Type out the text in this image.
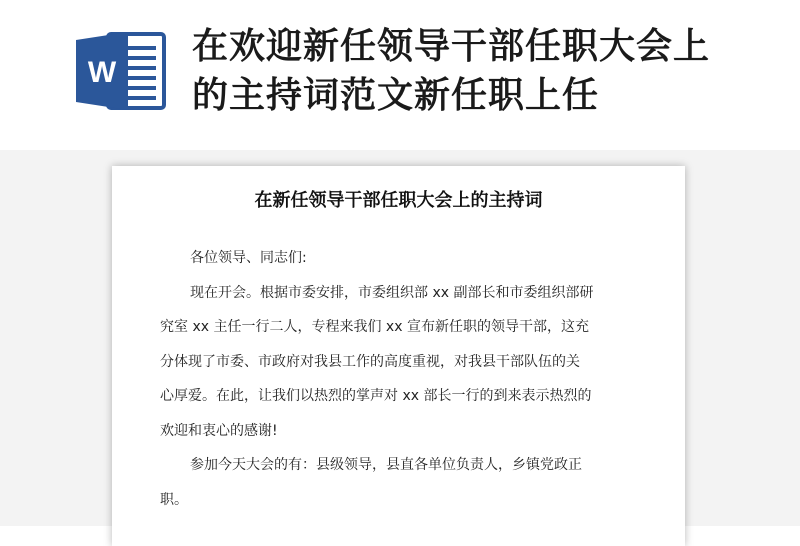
W
在欢迎新任领导干部任职大会上
的主持词范文新任职上任
在新任领导干部任职大会上的主持词
各位领导、同志们:
现在开会。根据市委安排，市委组织部 xx 副部长和市委组织部研
究室 xx 主任一行二人，专程来我们 xx 宣布新任职的领导干部，这充
分体现了市委、市政府对我县工作的高度重视，对我县干部队伍的关
心厚爱。在此，让我们以热烈的掌声对 xx 部长一行的到来表示热烈的
欢迎和衷心的感谢!
参加今天大会的有：县级领导，县直各单位负责人，乡镇党政正
职。
